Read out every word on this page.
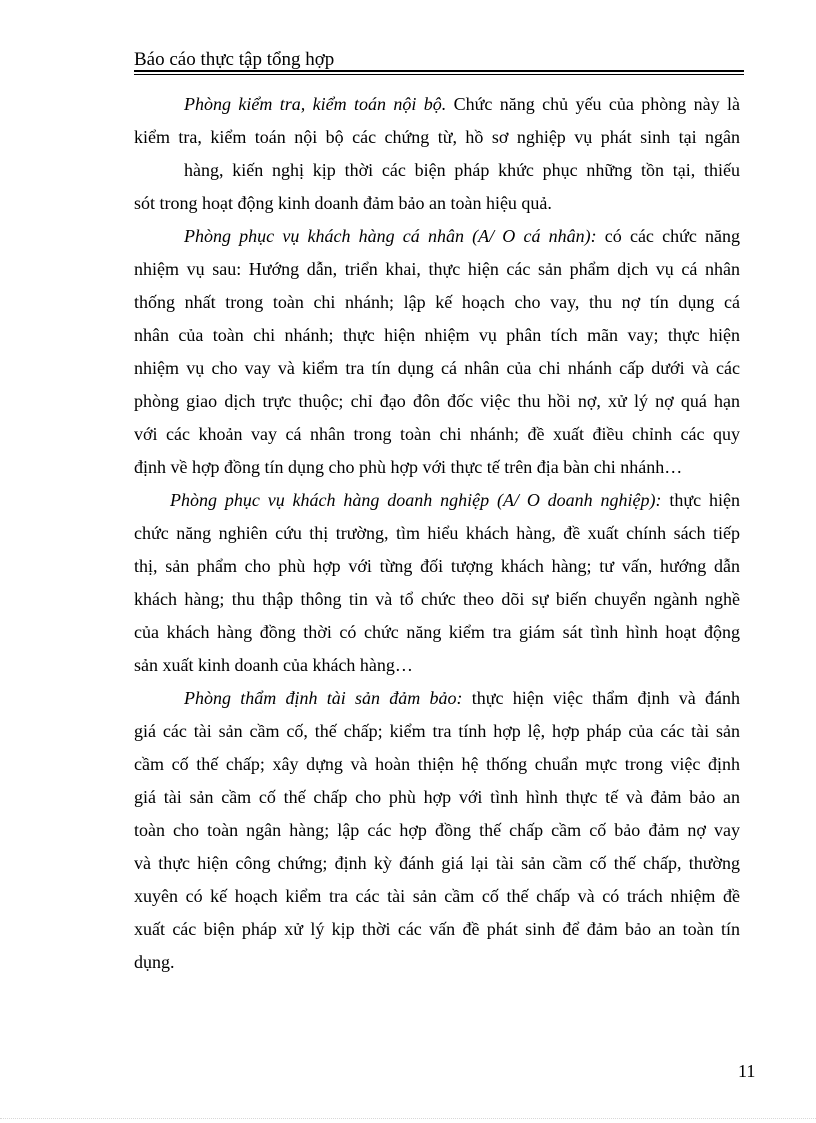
Báo cáo thực tập tổng hợp
Phòng kiểm tra, kiểm toán nội bộ. Chức năng chủ yếu của phòng này là
kiểm tra, kiểm toán nội bộ các chứng từ, hồ sơ nghiệp vụ phát sinh tại ngân
hàng, kiến nghị kịp thời các biện pháp khức phục những tồn tại, thiếu
sót trong hoạt động kinh doanh đảm bảo an toàn hiệu quả.
Phòng phục vụ khách hàng cá nhân (A/ O cá nhân): có các chức năng
nhiệm vụ sau: Hướng dẫn, triển khai, thực hiện các sản phẩm dịch vụ cá nhân
thống nhất trong toàn chi nhánh; lập kế hoạch cho vay, thu nợ tín dụng cá
nhân của toàn chi nhánh; thực hiện nhiệm vụ phân tích mãn vay; thực hiện
nhiệm vụ cho vay và kiểm tra tín dụng cá nhân của chi nhánh cấp dưới và các
phòng giao dịch trực thuộc; chỉ đạo đôn đốc việc thu hồi nợ, xử lý nợ quá hạn
với các khoản vay cá nhân trong toàn chi nhánh; đề xuất điều chỉnh các quy
định về hợp đồng tín dụng cho phù hợp với thực tế trên địa bàn chi nhánh…
Phòng phục vụ khách hàng doanh nghiệp (A/ O doanh nghiệp): thực hiện
chức năng nghiên cứu thị trường, tìm hiểu khách hàng, đề xuất chính sách tiếp
thị, sản phẩm cho phù hợp với từng đối tượng khách hàng; tư vấn, hướng dẫn
khách hàng; thu thập thông tin và tổ chức theo dõi sự biến chuyển ngành nghề
của khách hàng đồng thời có chức năng kiểm tra giám sát tình hình hoạt động
sản xuất kinh doanh của khách hàng…
Phòng thẩm định tài sản đảm bảo: thực hiện việc thẩm định và đánh
giá các tài sản cầm cố, thế chấp; kiểm tra tính hợp lệ, hợp pháp của các tài sản
cầm cố thế chấp; xây dựng và hoàn thiện hệ thống chuẩn mực trong việc định
giá tài sản cầm cố thế chấp cho phù hợp với tình hình thực tế và đảm bảo an
toàn cho toàn ngân hàng; lập các hợp đồng thế chấp cầm cố bảo đảm nợ vay
và thực hiện công chứng; định kỳ đánh giá lại tài sản cầm cố thế chấp, thường
xuyên có kế hoạch kiểm tra các tài sản cầm cố thế chấp và có trách nhiệm đề
xuất các biện pháp xử lý kịp thời các vấn đề phát sinh để đảm bảo an toàn tín
dụng.
11
